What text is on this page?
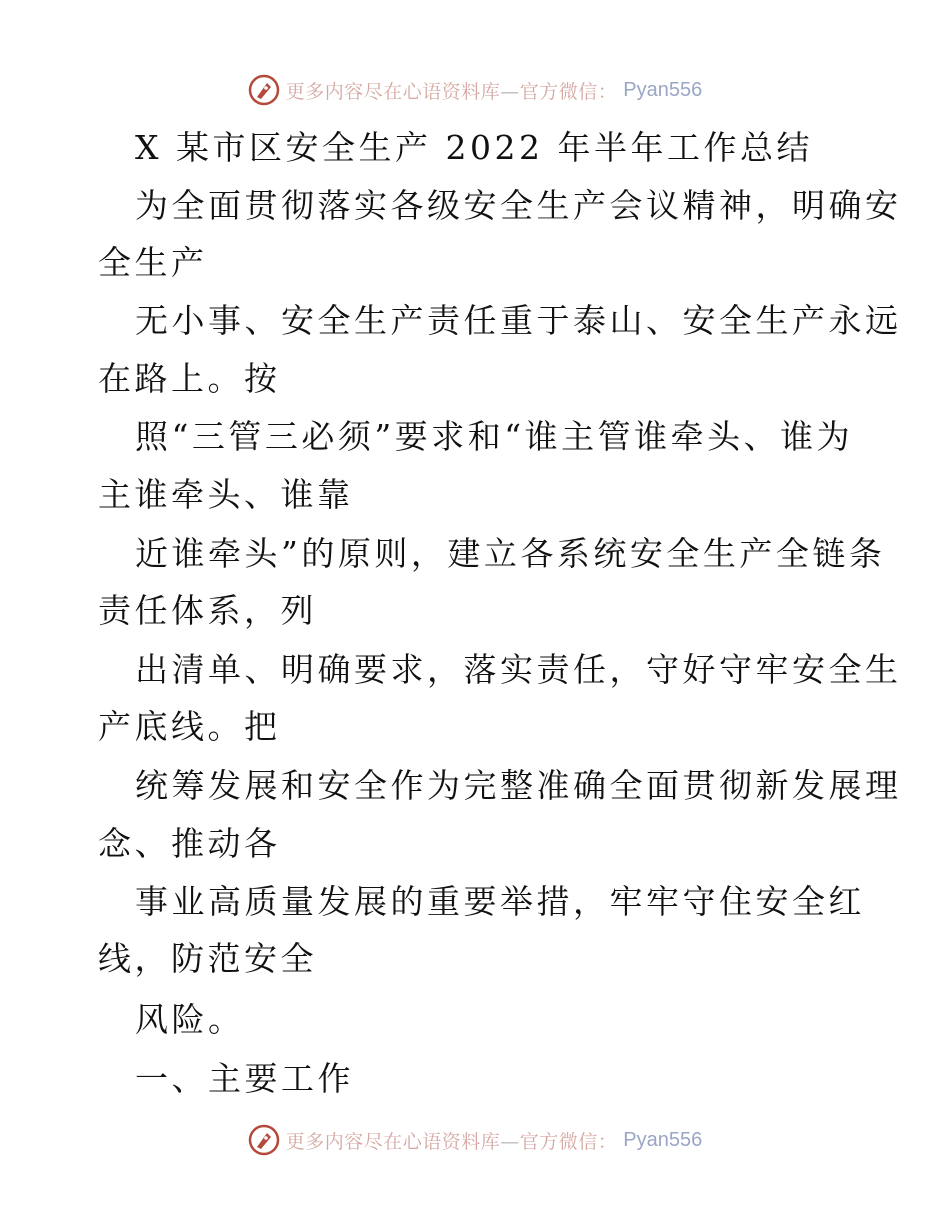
更多内容尽在心语资料库—官方微信： Pyan556
X 某市区安全生产 2022 年半年工作总结
为全面贯彻落实各级安全生产会议精神，明确安
全生产
无小事、安全生产责任重于泰山、安全生产永远
在路上。按
照“三管三必须”要求和“谁主管谁牵头、谁为
主谁牵头、谁靠
近谁牵头”的原则，建立各系统安全生产全链条
责任体系，列
出清单、明确要求，落实责任，守好守牢安全生
产底线。把
统筹发展和安全作为完整准确全面贯彻新发展理
念、推动各
事业高质量发展的重要举措，牢牢守住安全红
线，防范安全
风险。
一、主要工作
更多内容尽在心语资料库—官方微信： Pyan556
